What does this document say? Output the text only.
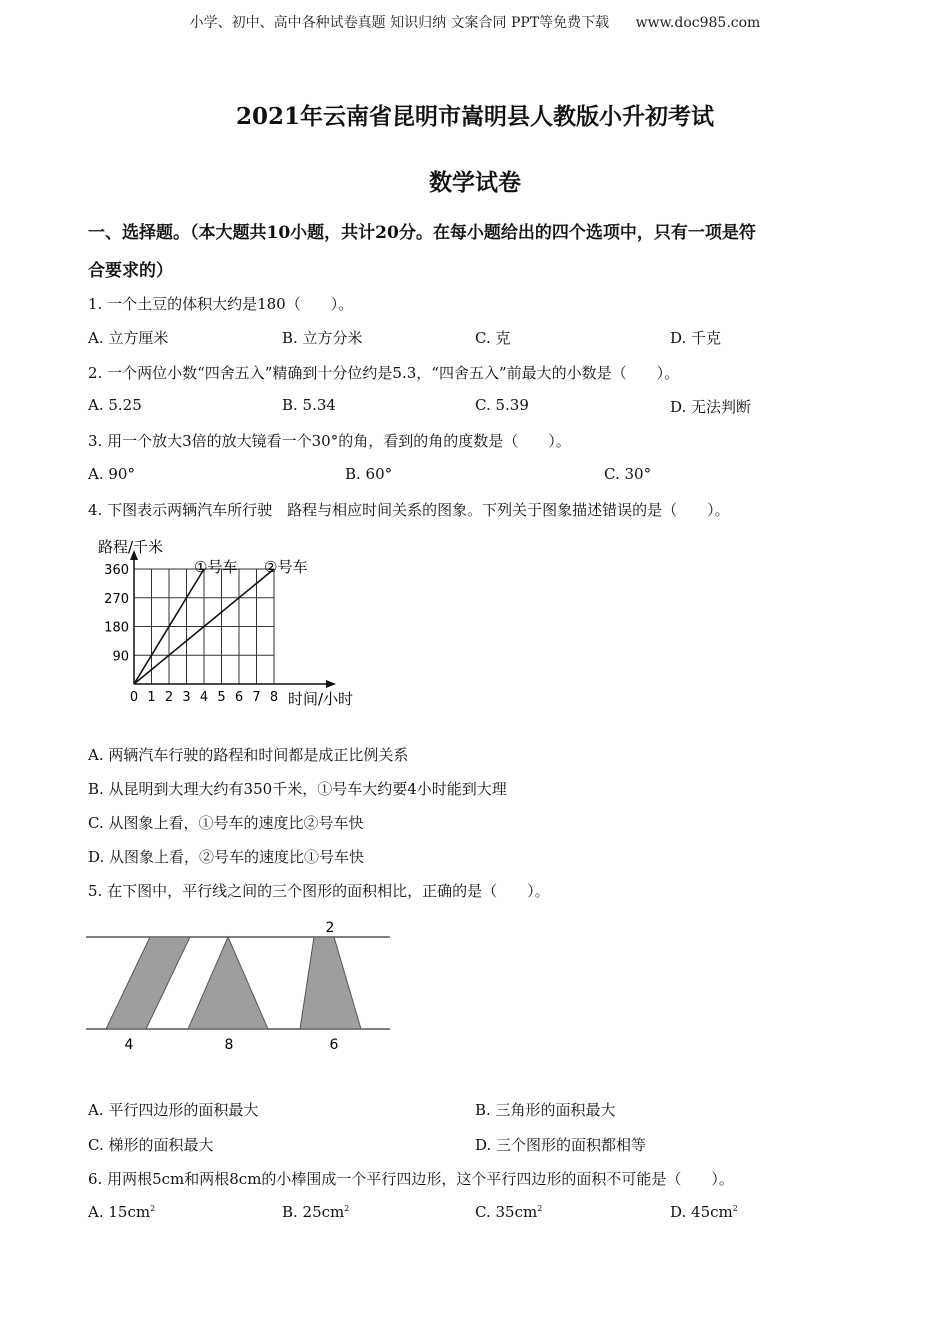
小学、初中、高中各种试卷真题 知识归纳 文案合同 PPT等免费下载 www.doc985.com
2021年云南省昆明市嵩明县人教版小升初考试
数学试卷
一、选择题。（本大题共10小题，共计20分。在每小题给出的四个选项中，只有一项是符
合要求的）
1. 一个土豆的体积大约是180（　　）。
A. 立方厘米	B. 立方分米	C. 克	D. 千克
2. 一个两位小数“四舍五入”精确到十分位约是5.3，“四舍五入”前最大的小数是（　　）。
A. 5.25	B. 5.34	C. 5.39	D. 无法判断
3. 用一个放大3倍的放大镜看一个30°的角，看到的角的度数是（　　）。
A. 90°	B. 60°	C. 30°
4. 下图表示两辆汽车所行驶　路程与相应时间关系的图象。下列关于图象描述错误的是（　　）。
90
180
270
360
0 1 2 3 4 5 6 7 8
路程/千米
时间/小时
①号车 ②号车
A. 两辆汽车行驶的路程和时间都是成正比例关系
B. 从昆明到大理大约有350千米，①号车大约要4小时能到大理
C. 从图象上看，①号车的速度比②号车快
D. 从图象上看，②号车的速度比①号车快
5. 在下图中，平行线之间的三个图形的面积相比，正确的是（　　）。
2
4	8	6
A. 平行四边形的面积最大	B. 三角形的面积最大
C. 梯形的面积最大	D. 三个图形的面积都相等
6. 用两根5cm和两根8cm的小棒围成一个平行四边形，这个平行四边形的面积不可能是（　　）。
A. $15cm^2$	B. $25cm^2$	C. $35cm^2$	D. $45cm^2$
